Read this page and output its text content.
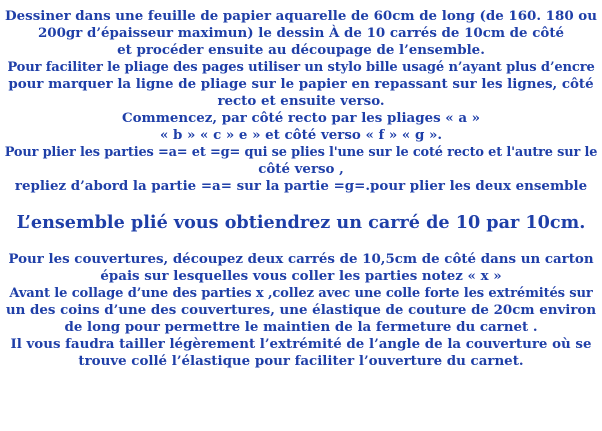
Dessiner dans une feuille de papier aquarelle de 60cm de long (de 160. 180 ou

200gr d’épaisseur maximun) le dessin À de 10 carrés de 10cm de côté

et procéder ensuite au découpage de l’ensemble.

Pour faciliter le pliage des pages utiliser un stylo bille usagé n’ayant plus d’encre

pour marquer la ligne de pliage sur le papier en repassant sur les lignes, côté

recto et ensuite verso.

Commencez, par côté recto par les pliages « a »

« b » « c » e » et côté verso « f » « g ».

Pour plier les parties =a= et =g= qui se plies l'une sur le coté recto et l'autre sur le

côté verso ,

repliez d’abord la partie =a= sur la partie =g=.pour plier les deux ensemble

L’ensemble plié vous obtiendrez un carré de 10 par 10cm.

Pour les couvertures, découpez deux carrés de 10,5cm de côté dans un carton

épais sur lesquelles vous coller les parties notez « x »

Avant le collage d’une des parties x ,collez avec une colle forte les extrémités sur

un des coins d’une des couvertures, une élastique de couture de 20cm environ

de long pour permettre le maintien de la fermeture du carnet .

Il vous faudra tailler légèrement l’extrémité de l’angle de la couverture où se

trouve collé l’élastique pour faciliter l’ouverture du carnet.
